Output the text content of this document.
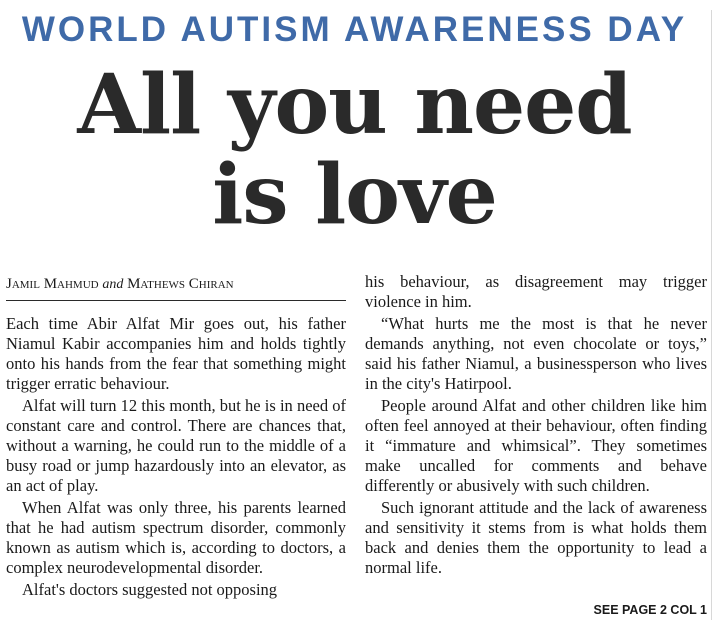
WORLD AUTISM AWARENESS DAY
All you need
is love
Jamil Mahmud and Mathews Chiran

Each time Abir Alfat Mir goes out, his father Niamul Kabir accompanies him and holds tightly onto his hands from the fear that something might trigger erratic behaviour.

Alfat will turn 12 this month, but he is in need of constant care and control. There are chances that, without a warning, he could run to the middle of a busy road or jump hazardously into an elevator, as an act of play.

When Alfat was only three, his parents learned that he had autism spectrum disorder, commonly known as autism which is, according to doctors, a complex neurodevelopmental disorder.

Alfat's doctors suggested not opposing

his behaviour, as disagreement may trigger violence in him.

“What hurts me the most is that he never demands anything, not even chocolate or toys,” said his father Niamul, a businessperson who lives in the city's Hatirpool.

People around Alfat and other children like him often feel annoyed at their behaviour, often finding it “immature and whimsical”. They sometimes make uncalled for comments and behave differently or abusively with such children.

Such ignorant attitude and the lack of awareness and sensitivity it stems from is what holds them back and denies them the opportunity to lead a normal life.

SEE PAGE 2 COL 1
